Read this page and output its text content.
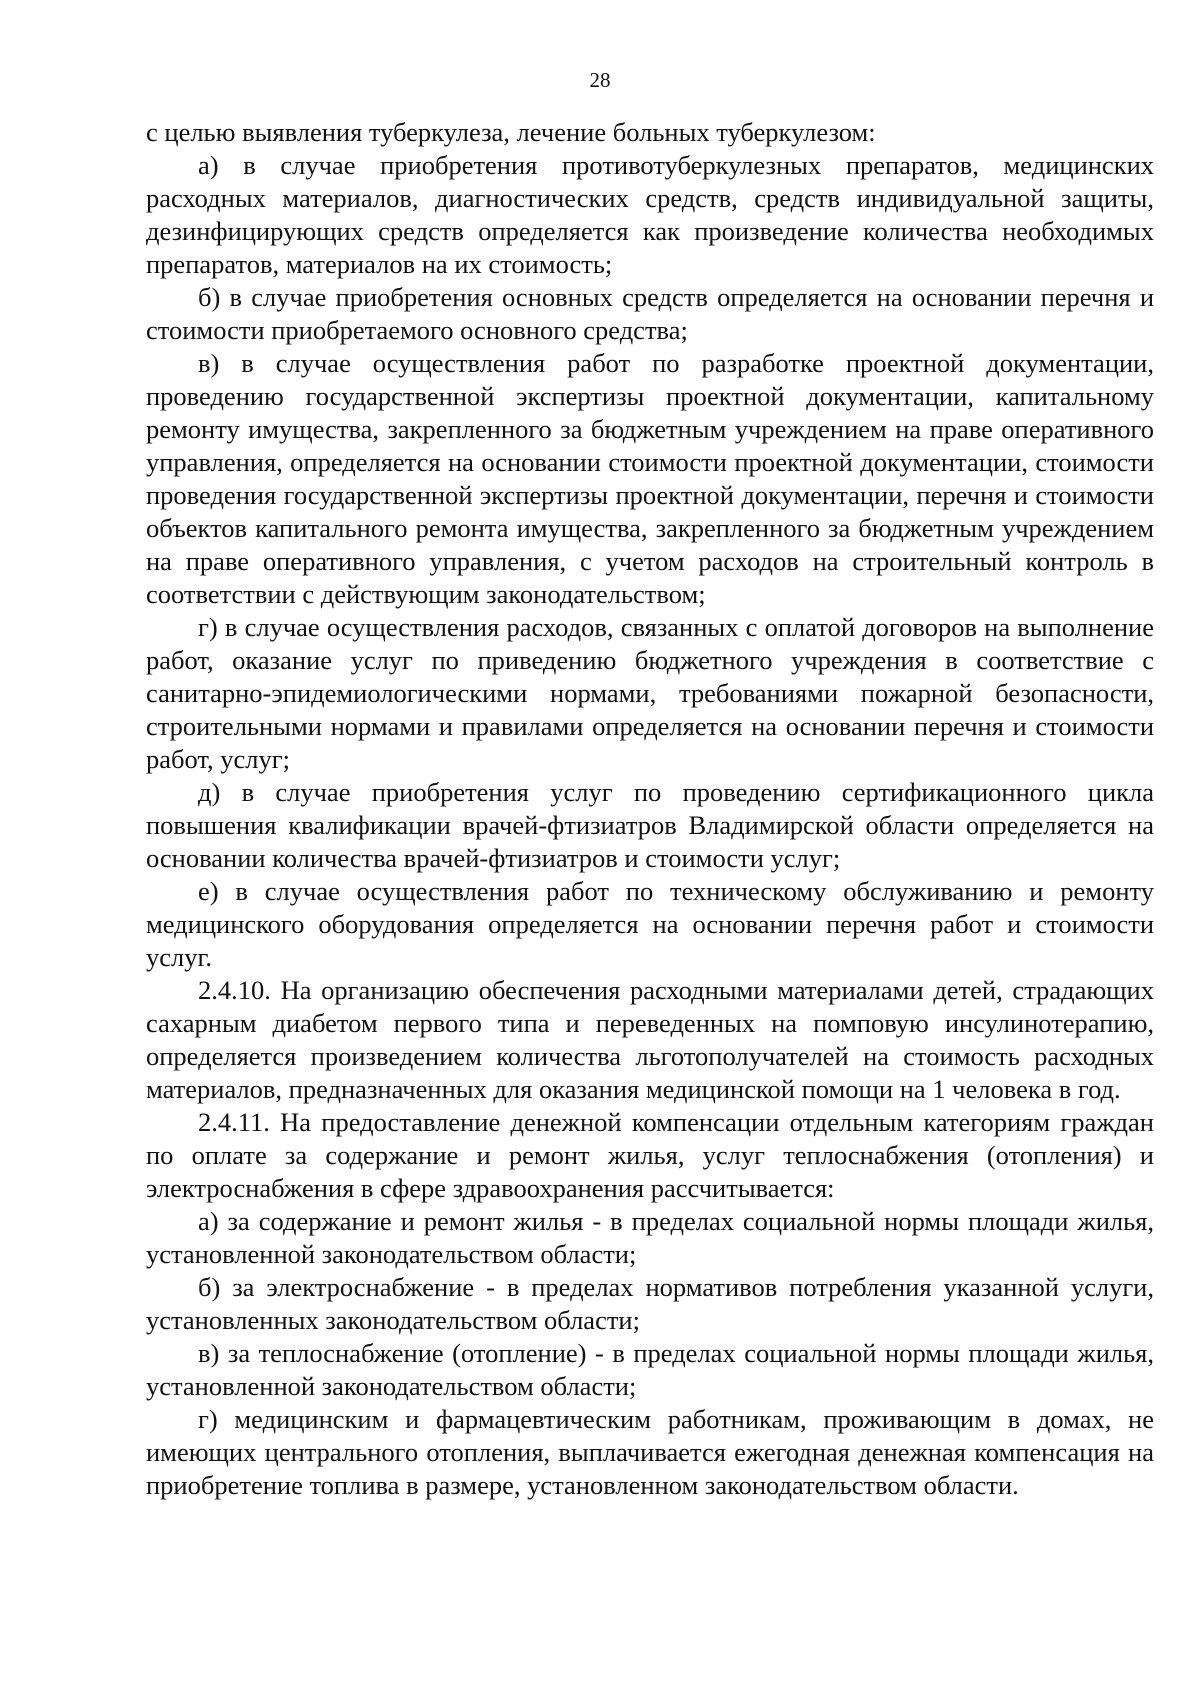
28

с целью выявления туберкулеза, лечение больных туберкулезом:

а) в случае приобретения противотуберкулезных препаратов, медицинских расходных материалов, диагностических средств, средств индивидуальной защиты, дезинфицирующих средств определяется как произведение количества необходимых препаратов, материалов на их стоимость;

б) в случае приобретения основных средств определяется на основании перечня и стоимости приобретаемого основного средства;

в) в случае осуществления работ по разработке проектной документации, проведению государственной экспертизы проектной документации, капитальному ремонту имущества, закрепленного за бюджетным учреждением на праве оперативного управления, определяется на основании стоимости проектной документации, стоимости проведения государственной экспертизы проектной документации, перечня и стоимости объектов капитального ремонта имущества, закрепленного за бюджетным учреждением на праве оперативного управления, с учетом расходов на строительный контроль в соответствии с действующим законодательством;

г) в случае осуществления расходов, связанных с оплатой договоров на выполнение работ, оказание услуг по приведению бюджетного учреждения в соответствие с санитарно-эпидемиологическими нормами, требованиями пожарной безопасности, строительными нормами и правилами определяется на основании перечня и стоимости работ, услуг;

д) в случае приобретения услуг по проведению сертификационного цикла повышения квалификации врачей-фтизиатров Владимирской области определяется на основании количества врачей-фтизиатров и стоимости услуг;

е) в случае осуществления работ по техническому обслуживанию и ремонту медицинского оборудования определяется на основании перечня работ и стоимости услуг.

2.4.10. На организацию обеспечения расходными материалами детей, страдающих сахарным диабетом первого типа и переведенных на помповую инсулинотерапию, определяется произведением количества льготополучателей на стоимость расходных материалов, предназначенных для оказания медицинской помощи на 1 человека в год.

2.4.11. На предоставление денежной компенсации отдельным категориям граждан по оплате за содержание и ремонт жилья, услуг теплоснабжения (отопления) и электроснабжения в сфере здравоохранения рассчитывается:

а) за содержание и ремонт жилья - в пределах социальной нормы площади жилья, установленной законодательством области;

б) за электроснабжение - в пределах нормативов потребления указанной услуги, установленных законодательством области;

в) за теплоснабжение (отопление) - в пределах социальной нормы площади жилья, установленной законодательством области;

г) медицинским и фармацевтическим работникам, проживающим в домах, не имеющих центрального отопления, выплачивается ежегодная денежная компенсация на приобретение топлива в размере, установленном законодательством области.
